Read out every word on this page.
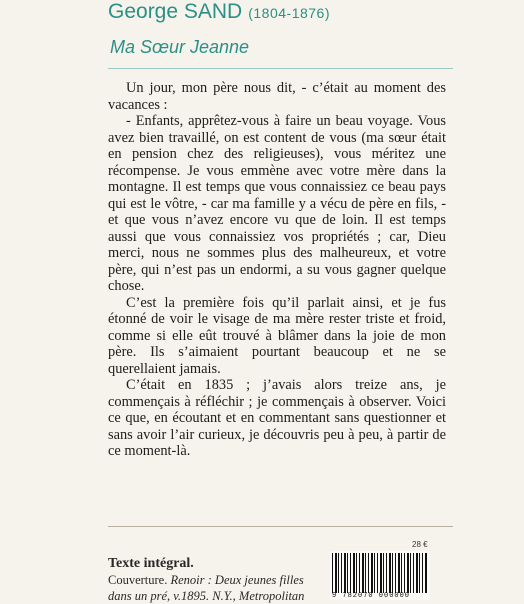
George SAND (1804-1876)
Ma Sœur Jeanne

Un jour, mon père nous dit, - c’était au moment des vacances :

- Enfants, apprêtez-vous à faire un beau voyage. Vous avez bien travaillé, on est content de vous (ma sœur était en pension chez des religieuses), vous méritez une récompense. Je vous emmène avec votre mère dans la montagne. Il est temps que vous connaissiez ce beau pays qui est le vôtre, - car ma famille y a vécu de père en fils, - et que vous n’avez encore vu que de loin. Il est temps aussi que vous connaissiez vos propriétés ; car, Dieu merci, nous ne sommes plus des malheureux, et votre père, qui n’est pas un endormi, a su vous gagner quelque chose.

C’est la première fois qu’il parlait ainsi, et je fus étonné de voir le visage de ma mère rester triste et froid, comme si elle eût trouvé à blâmer dans la joie de mon père. Ils s’aimaient pourtant beaucoup et ne se querellaient jamais.

C’était en 1835 ; j’avais alors treize ans, je commençais à réfléchir ; je commençais à observer. Voici ce que, en écoutant et en commentant sans questionner et sans avoir l’air curieux, je découvris peu à peu, à partir de ce moment-là.

28 €
Texte intégral.
Couverture. Renoir : Deux jeunes filles
dans un pré, v.1895. N.Y., Metropolitan	9 782070 000000
